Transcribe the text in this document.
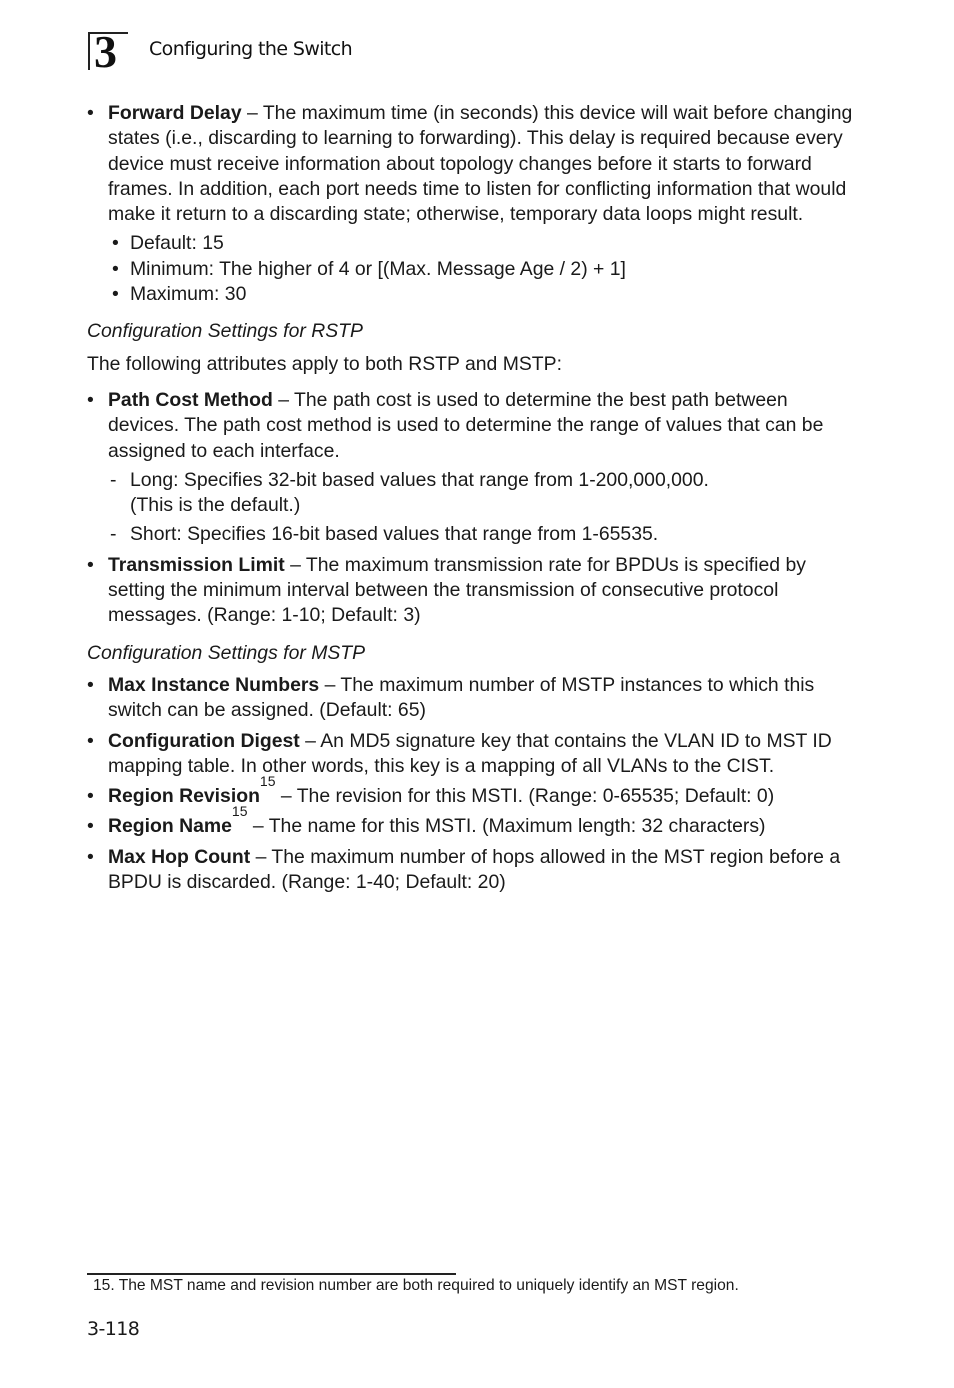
3 Configuring the Switch
• Forward Delay – The maximum time (in seconds) this device will wait before changing states (i.e., discarding to learning to forwarding). This delay is required because every device must receive information about topology changes before it starts to forward frames. In addition, each port needs time to listen for conflicting information that would make it return to a discarding state; otherwise, temporary data loops might result.
• Default: 15
• Minimum: The higher of 4 or [(Max. Message Age / 2) + 1]
• Maximum: 30
Configuration Settings for RSTP
The following attributes apply to both RSTP and MSTP:
• Path Cost Method – The path cost is used to determine the best path between devices. The path cost method is used to determine the range of values that can be assigned to each interface.
- Long: Specifies 32-bit based values that range from 1-200,000,000.
(This is the default.)
- Short: Specifies 16-bit based values that range from 1-65535.
• Transmission Limit – The maximum transmission rate for BPDUs is specified by setting the minimum interval between the transmission of consecutive protocol messages. (Range: 1-10; Default: 3)
Configuration Settings for MSTP
• Max Instance Numbers – The maximum number of MSTP instances to which this switch can be assigned. (Default: 65)
• Configuration Digest – An MD5 signature key that contains the VLAN ID to MST ID mapping table. In other words, this key is a mapping of all VLANs to the CIST.
• Region Revision$^{15}$ – The revision for this MSTI. (Range: 0-65535; Default: 0)
• Region Name$^{15}$ – The name for this MSTI. (Maximum length: 32 characters)
• Max Hop Count – The maximum number of hops allowed in the MST region before a BPDU is discarded. (Range: 1-40; Default: 20)
15. The MST name and revision number are both required to uniquely identify an MST region.
3-118
